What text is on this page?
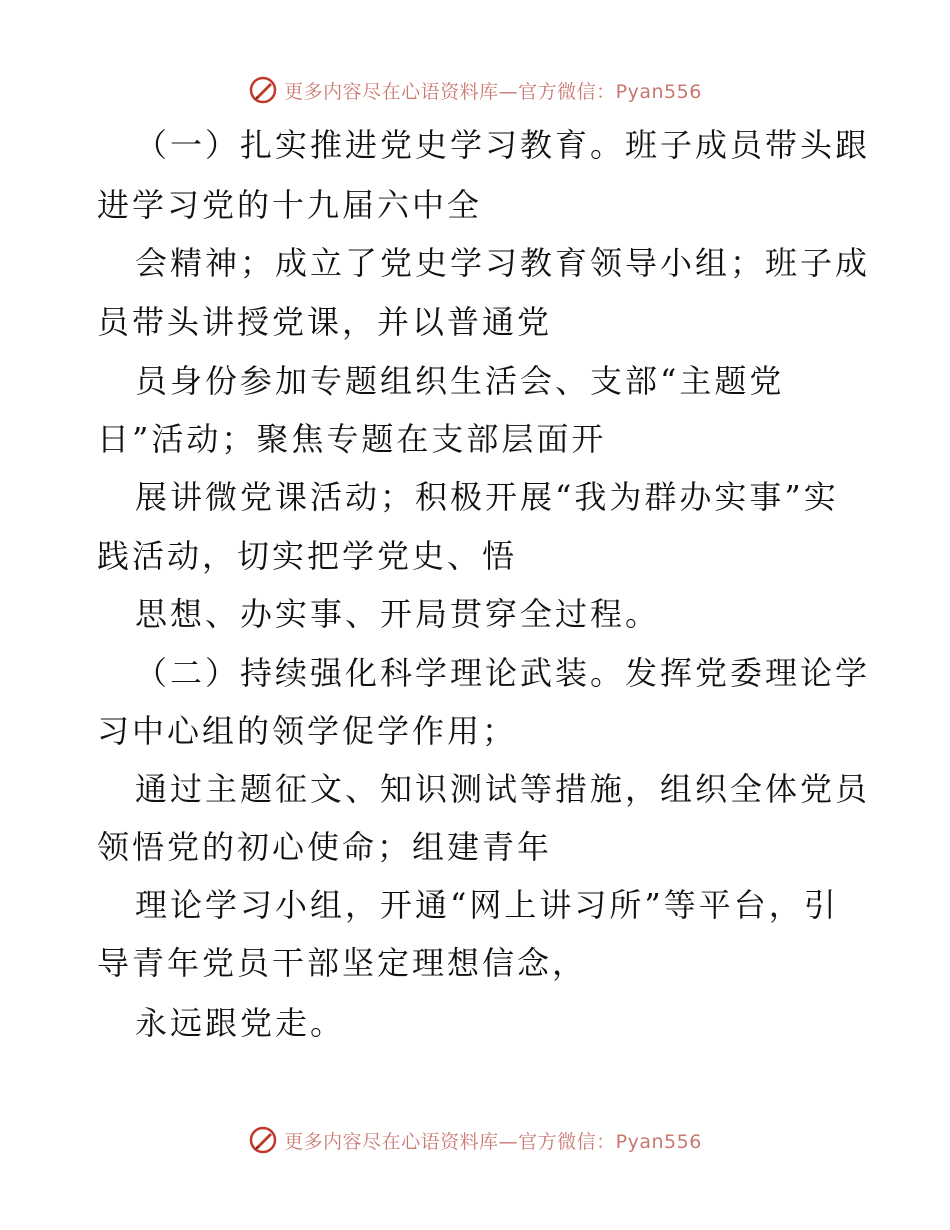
更多内容尽在心语资料库—官方微信：Pyan556
（一）扎实推进党史学习教育。班子成员带头跟
进学习党的十九届六中全
会精神；成立了党史学习教育领导小组；班子成
员带头讲授党课，并以普通党
员身份参加专题组织生活会、支部“主题党
日”活动；聚焦专题在支部层面开
展讲微党课活动；积极开展“我为群办实事”实
践活动，切实把学党史、悟
思想、办实事、开局贯穿全过程。
（二）持续强化科学理论武装。发挥党委理论学
习中心组的领学促学作用；
通过主题征文、知识测试等措施，组织全体党员
领悟党的初心使命；组建青年
理论学习小组，开通“网上讲习所”等平台，引
导青年党员干部坚定理想信念，
永远跟党走。
更多内容尽在心语资料库—官方微信：Pyan556
